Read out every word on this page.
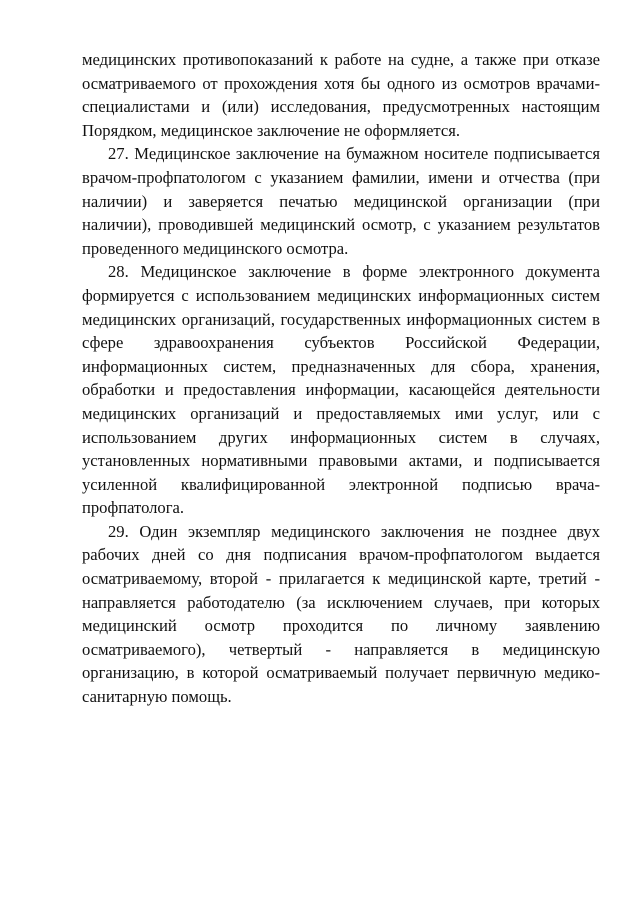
медицинских противопоказаний к работе на судне, а также при отказе осматриваемого от прохождения хотя бы одного из осмотров врачами-специалистами и (или) исследования, предусмотренных настоящим Порядком, медицинское заключение не оформляется.

27. Медицинское заключение на бумажном носителе подписывается врачом-профпатологом с указанием фамилии, имени и отчества (при наличии) и заверяется печатью медицинской организации (при наличии), проводившей медицинский осмотр, с указанием результатов проведенного медицинского осмотра.

28. Медицинское заключение в форме электронного документа формируется с использованием медицинских информационных систем медицинских организаций, государственных информационных систем в сфере здравоохранения субъектов Российской Федерации, информационных систем, предназначенных для сбора, хранения, обработки и предоставления информации, касающейся деятельности медицинских организаций и предоставляемых ими услуг, или с использованием других информационных систем в случаях, установленных нормативными правовыми актами, и подписывается усиленной квалифицированной электронной подписью врача-профпатолога.

29. Один экземпляр медицинского заключения не позднее двух рабочих дней со дня подписания врачом-профпатологом выдается осматриваемому, второй - прилагается к медицинской карте, третий - направляется работодателю (за исключением случаев, при которых медицинский осмотр проходится по личному заявлению осматриваемого), четвертый - направляется в медицинскую организацию, в которой осматриваемый получает первичную медико-санитарную помощь.
